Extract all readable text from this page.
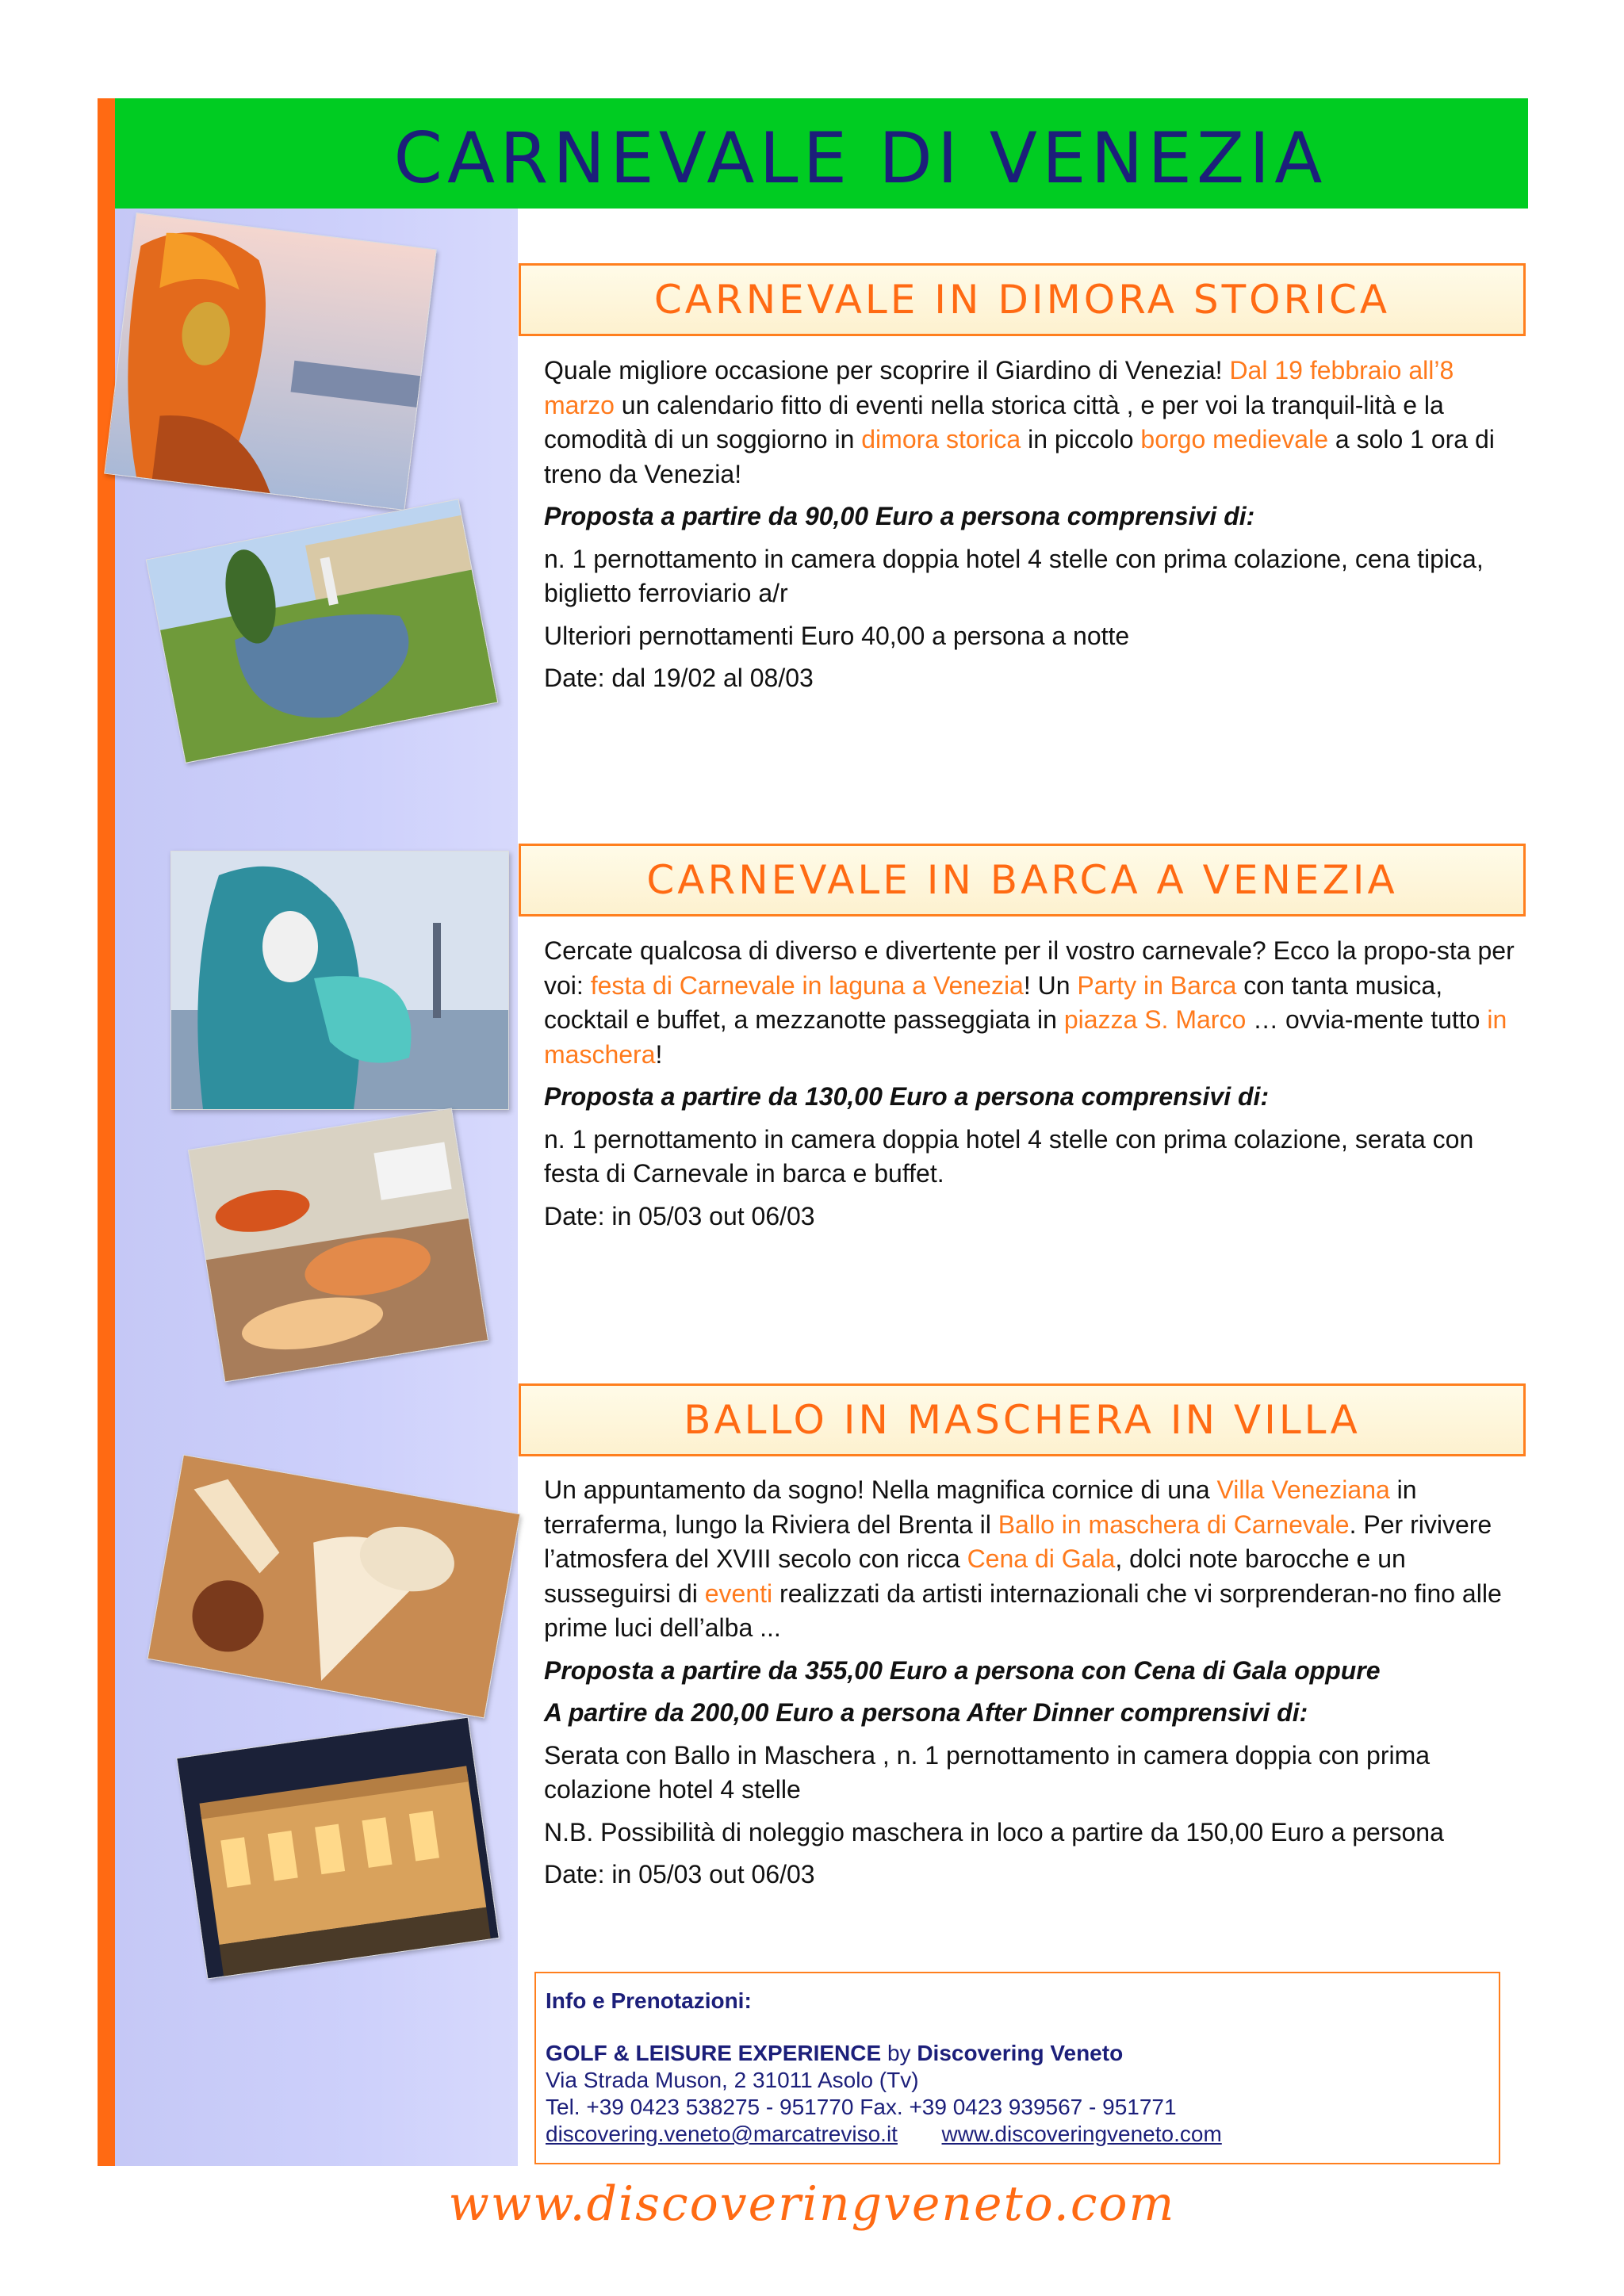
CARNEVALE DI VENEZIA
CARNEVALE IN DIMORA STORICA

Quale migliore occasione per scoprire il Giardino di Venezia! Dal 19 febbraio all’8 marzo un calendario fitto di eventi nella storica città , e per voi la tranquil-lità e la comodità di un soggiorno in dimora storica in piccolo borgo medievale a solo 1 ora di treno da Venezia!

Proposta a partire da 90,00 Euro a persona comprensivi di:

n. 1 pernottamento in camera doppia hotel 4 stelle con prima colazione, cena tipica, biglietto ferroviario a/r

Ulteriori pernottamenti Euro 40,00 a persona a notte

Date: dal 19/02 al 08/03

CARNEVALE IN BARCA A VENEZIA

Cercate qualcosa di diverso e divertente per il vostro carnevale? Ecco la propo-sta per voi: festa di Carnevale in laguna a Venezia! Un Party in Barca con tanta musica, cocktail e buffet, a mezzanotte passeggiata in piazza S. Marco … ovvia-mente tutto in maschera!

Proposta a partire da 130,00 Euro a persona comprensivi di:

n. 1 pernottamento in camera doppia hotel 4 stelle con prima colazione, serata con festa di Carnevale in barca e buffet.

Date: in 05/03 out 06/03

BALLO IN MASCHERA IN VILLA

Un appuntamento da sogno! Nella magnifica cornice di una Villa Veneziana in terraferma, lungo la Riviera del Brenta il Ballo in maschera di Carnevale. Per rivivere l’atmosfera del XVIII secolo con ricca Cena di Gala, dolci note barocche e un susseguirsi di eventi realizzati da artisti internazionali che vi sorprenderan-no fino alle prime luci dell’alba ...

Proposta a partire da 355,00 Euro a persona con Cena di Gala oppure

A partire da 200,00 Euro a persona After Dinner comprensivi di:

Serata con Ballo in Maschera , n. 1 pernottamento in camera doppia con prima colazione hotel 4 stelle

N.B. Possibilità di noleggio maschera in loco a partire da 150,00 Euro a persona

Date: in 05/03 out 06/03

Info e Prenotazioni:
GOLF & LEISURE EXPERIENCE by Discovering Veneto
Via Strada Muson, 2 31011 Asolo (Tv)
Tel. +39 0423 538275 - 951770 Fax. +39 0423 939567 - 951771
discovering.veneto@marcatreviso.it www.discoveringveneto.com
www.discoveringveneto.com
